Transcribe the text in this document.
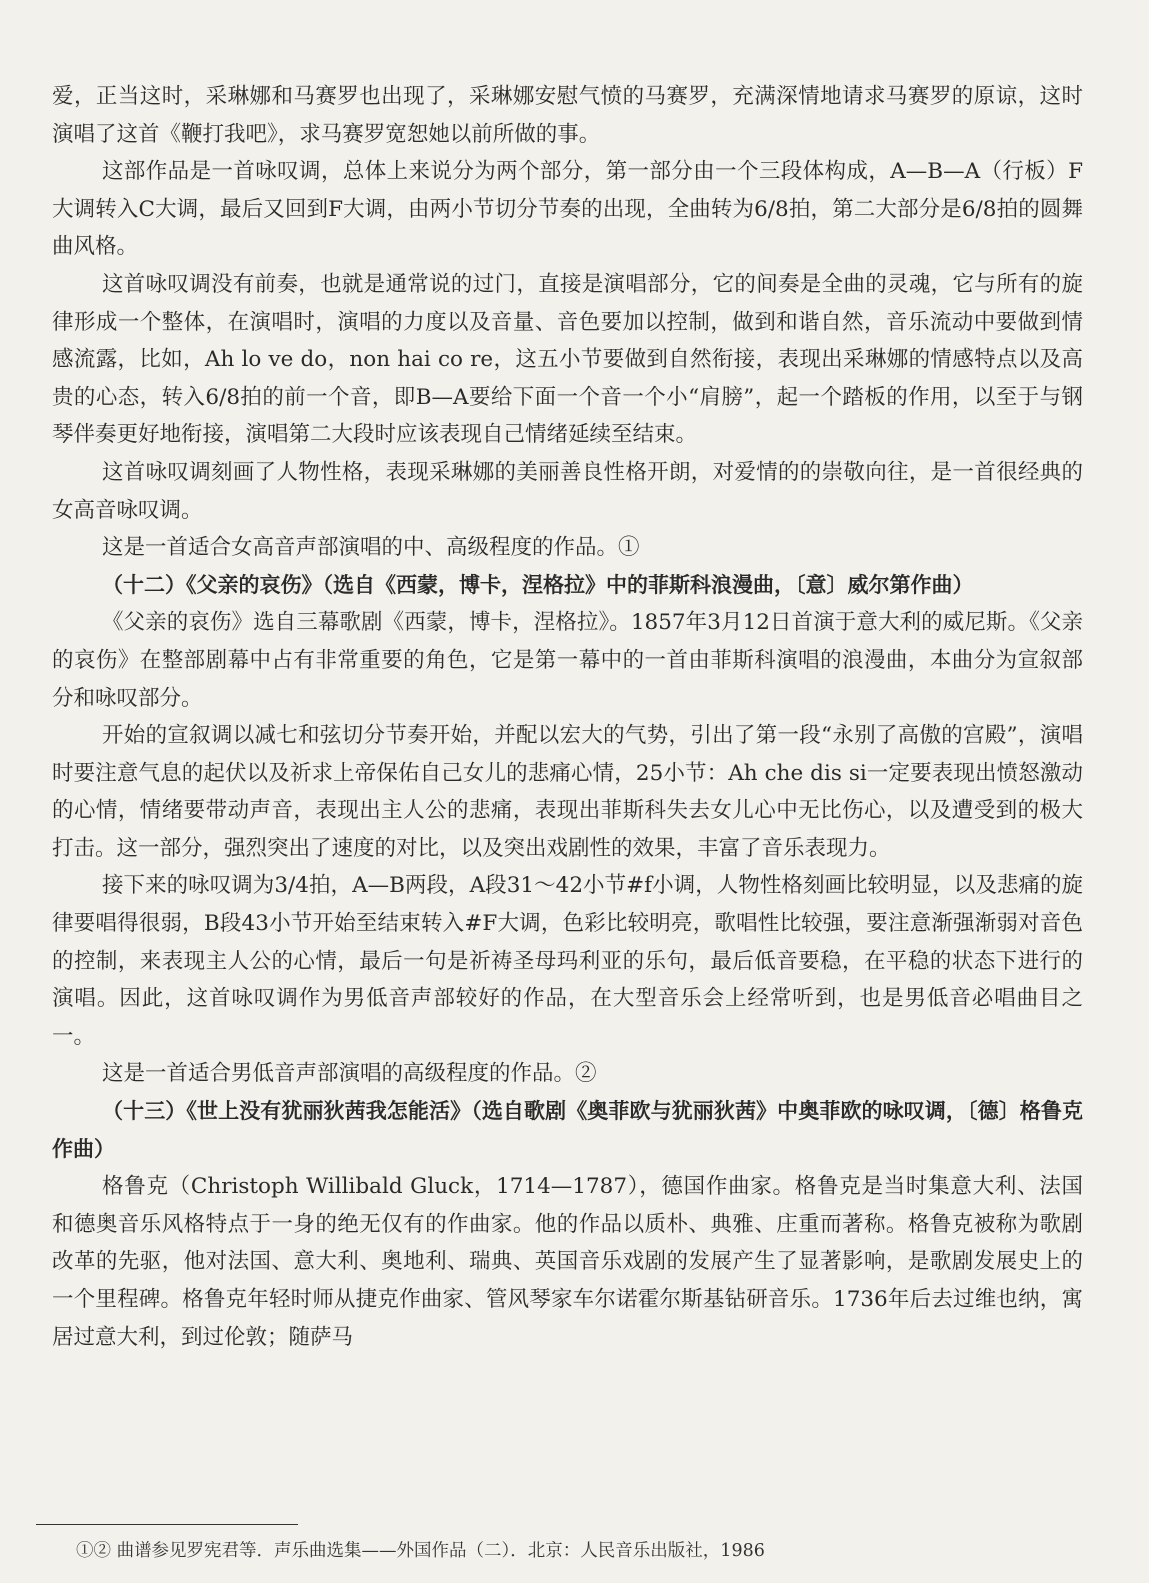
爱，正当这时，采琳娜和马赛罗也出现了，采琳娜安慰气愤的马赛罗，充满深情地请求马赛罗的原谅，这时演唱了这首《鞭打我吧》，求马赛罗宽恕她以前所做的事。

这部作品是一首咏叹调，总体上来说分为两个部分，第一部分由一个三段体构成，A—B—A（行板）F大调转入C大调，最后又回到F大调，由两小节切分节奏的出现，全曲转为6/8拍，第二大部分是6/8拍的圆舞曲风格。

这首咏叹调没有前奏，也就是通常说的过门，直接是演唱部分，它的间奏是全曲的灵魂，它与所有的旋律形成一个整体，在演唱时，演唱的力度以及音量、音色要加以控制，做到和谐自然，音乐流动中要做到情感流露，比如，Ah lo ve do，non hai co re，这五小节要做到自然衔接，表现出采琳娜的情感特点以及高贵的心态，转入6/8拍的前一个音，即B—A要给下面一个音一个小“肩膀”，起一个踏板的作用，以至于与钢琴伴奏更好地衔接，演唱第二大段时应该表现自己情绪延续至结束。

这首咏叹调刻画了人物性格，表现采琳娜的美丽善良性格开朗，对爱情的的崇敬向往，是一首很经典的女高音咏叹调。

这是一首适合女高音声部演唱的中、高级程度的作品。①

（十二）《父亲的哀伤》（选自《西蒙，博卡，涅格拉》中的菲斯科浪漫曲，〔意〕威尔第作曲）

《父亲的哀伤》选自三幕歌剧《西蒙，博卡，涅格拉》。1857年3月12日首演于意大利的威尼斯。《父亲的哀伤》在整部剧幕中占有非常重要的角色，它是第一幕中的一首由菲斯科演唱的浪漫曲，本曲分为宣叙部分和咏叹部分。

开始的宣叙调以减七和弦切分节奏开始，并配以宏大的气势，引出了第一段“永别了高傲的宫殿”，演唱时要注意气息的起伏以及祈求上帝保佑自己女儿的悲痛心情，25小节：Ah che dis si一定要表现出愤怒激动的心情，情绪要带动声音，表现出主人公的悲痛，表现出菲斯科失去女儿心中无比伤心，以及遭受到的极大打击。这一部分，强烈突出了速度的对比，以及突出戏剧性的效果，丰富了音乐表现力。

接下来的咏叹调为3/4拍，A—B两段，A段31～42小节#f小调，人物性格刻画比较明显，以及悲痛的旋律要唱得很弱，B段43小节开始至结束转入#F大调，色彩比较明亮，歌唱性比较强，要注意渐强渐弱对音色的控制，来表现主人公的心情，最后一句是祈祷圣母玛利亚的乐句，最后低音要稳，在平稳的状态下进行的演唱。因此，这首咏叹调作为男低音声部较好的作品，在大型音乐会上经常听到，也是男低音必唱曲目之一。

这是一首适合男低音声部演唱的高级程度的作品。②

（十三）《世上没有犹丽狄茜我怎能活》（选自歌剧《奥菲欧与犹丽狄茜》中奥菲欧的咏叹调，〔德〕格鲁克作曲）

格鲁克（Christoph Willibald Gluck，1714—1787），德国作曲家。格鲁克是当时集意大利、法国和德奥音乐风格特点于一身的绝无仅有的作曲家。他的作品以质朴、典雅、庄重而著称。格鲁克被称为歌剧改革的先驱，他对法国、意大利、奥地利、瑞典、英国音乐戏剧的发展产生了显著影响，是歌剧发展史上的一个里程碑。格鲁克年轻时师从捷克作曲家、管风琴家车尔诺霍尔斯基钻研音乐。1736年后去过维也纳，寓居过意大利，到过伦敦；随萨马

①② 曲谱参见罗宪君等．声乐曲选集——外国作品（二）．北京：人民音乐出版社，1986
